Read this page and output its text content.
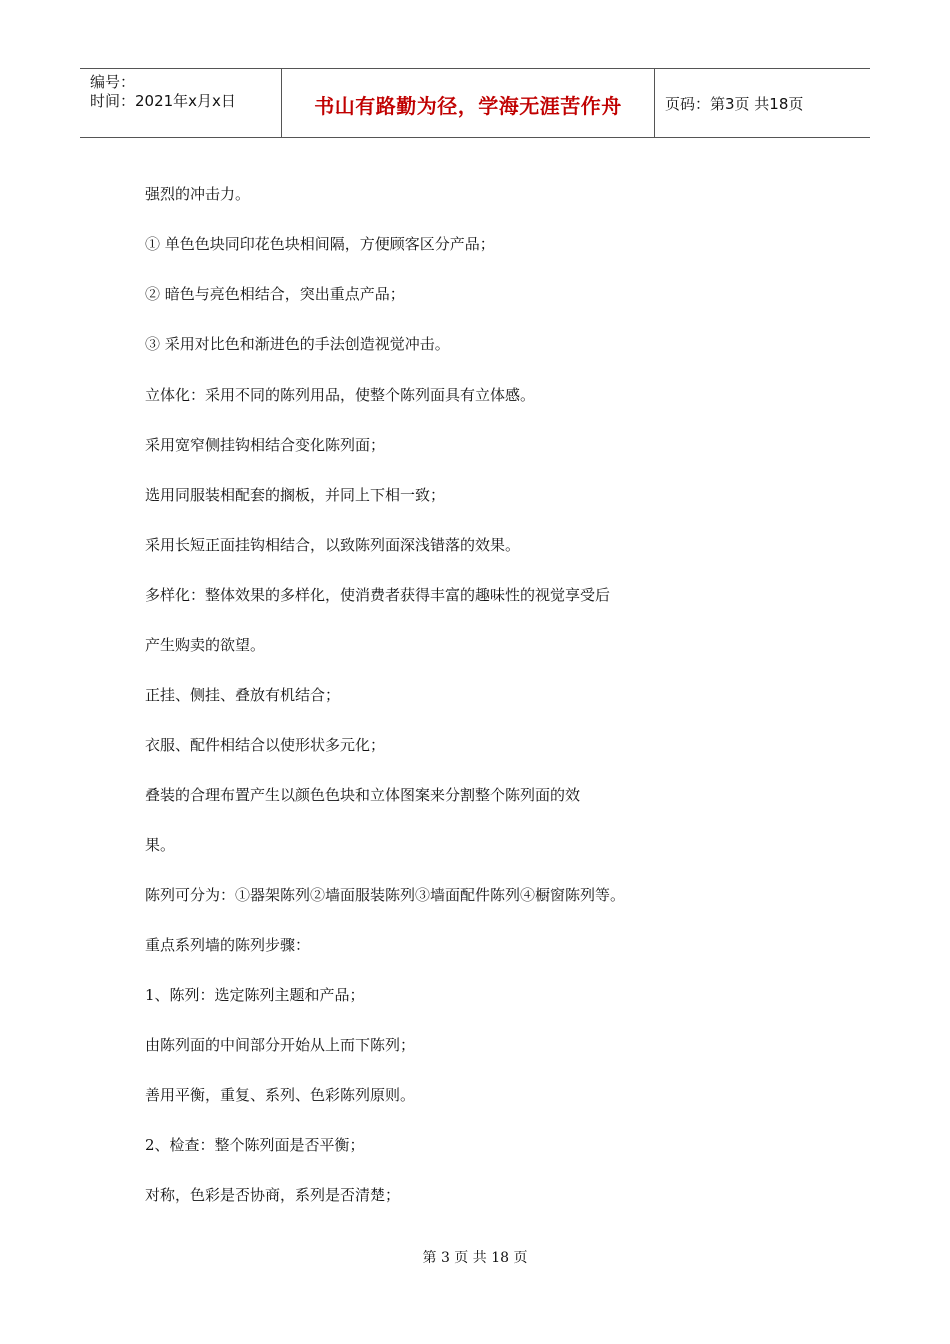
编号：
时间：2021年x月x日	书山有路勤为径，学海无涯苦作舟	页码：第3页 共18页
强烈的冲击力。
① 单色色块同印花色块相间隔，方便顾客区分产品；
② 暗色与亮色相结合，突出重点产品；
③ 采用对比色和渐进色的手法创造视觉冲击。
立体化：采用不同的陈列用品，使整个陈列面具有立体感。
采用宽窄侧挂钩相结合变化陈列面；
选用同服装相配套的搁板，并同上下相一致；
采用长短正面挂钩相结合，以致陈列面深浅错落的效果。
多样化：整体效果的多样化，使消费者获得丰富的趣味性的视觉享受后
产生购卖的欲望。
正挂、侧挂、叠放有机结合；
衣服、配件相结合以使形状多元化；
叠装的合理布置产生以颜色色块和立体图案来分割整个陈列面的效
果。
陈列可分为：①器架陈列②墙面服装陈列③墙面配件陈列④橱窗陈列等。
重点系列墙的陈列步骤：
1、陈列：选定陈列主题和产品；
由陈列面的中间部分开始从上而下陈列；
善用平衡，重复、系列、色彩陈列原则。
2、检查：整个陈列面是否平衡；
对称，色彩是否协商，系列是否清楚；
第 3 页 共 18 页
